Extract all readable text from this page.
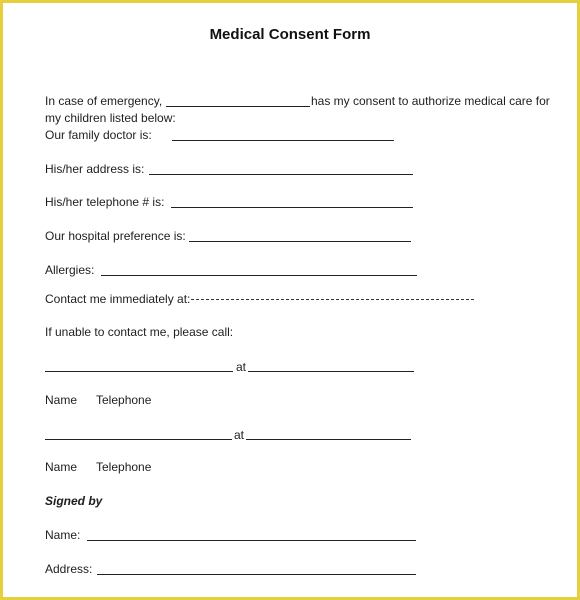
Medical Consent Form
In case of emergency,	has my consent to authorize medical care for
my children listed below:
Our family doctor is:
His/her address is:
His/her telephone # is:
Our hospital preference is:
Allergies:
Contact me immediately at:
If unable to contact me, please call:
at
Name Telephone
at
Name Telephone
Signed by
Name:
Address:
